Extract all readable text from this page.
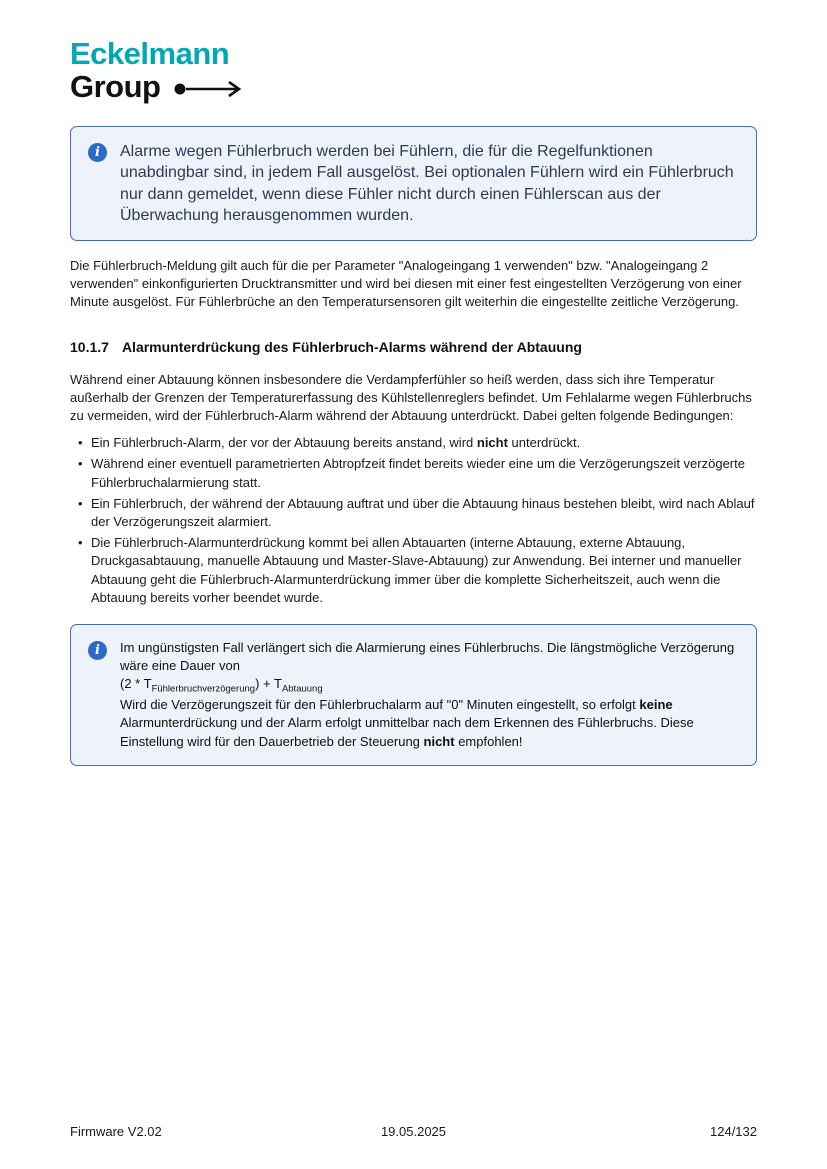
Eckelmann
Group
i	Alarme wegen Fühlerbruch werden bei Fühlern, die für die Regelfunktionen unabdingbar sind, in jedem Fall ausgelöst. Bei optionalen Fühlern wird ein Fühlerbruch nur dann gemeldet, wenn diese Fühler nicht durch einen Fühlerscan aus der Überwachung herausgenommen wurden.

Die Fühlerbruch-Meldung gilt auch für die per Parameter "Analogeingang 1 verwenden" bzw. "Analogeingang 2 verwenden" einkonfigurierten Drucktransmitter und wird bei diesen mit einer fest eingestellten Verzögerung von einer Minute ausgelöst. Für Fühlerbrüche an den Temperatursensoren gilt weiterhin die eingestellte zeitliche Verzögerung.

10.1.7 Alarmunterdrückung des Fühlerbruch-Alarms während der Abtauung

Während einer Abtauung können insbesondere die Verdampferfühler so heiß werden, dass sich ihre Temperatur außerhalb der Grenzen der Temperaturerfassung des Kühlstellenreglers befindet. Um Fehlalarme wegen Fühlerbruchs zu vermeiden, wird der Fühlerbruch-Alarm während der Abtauung unterdrückt. Dabei gelten folgende Bedingungen:

• Ein Fühlerbruch-Alarm, der vor der Abtauung bereits anstand, wird nicht unterdrückt.
• Während einer eventuell parametrierten Abtropfzeit findet bereits wieder eine um die Verzögerungszeit verzögerte Fühlerbruchalarmierung statt.
• Ein Fühlerbruch, der während der Abtauung auftrat und über die Abtauung hinaus bestehen bleibt, wird nach Ablauf der Verzögerungszeit alarmiert.
• Die Fühlerbruch-Alarmunterdrückung kommt bei allen Abtauarten (interne Abtauung, externe Abtauung, Druckgasabtauung, manuelle Abtauung und Master-Slave-Abtauung) zur Anwendung. Bei interner und manueller Abtauung geht die Fühlerbruch-Alarmunterdrückung immer über die komplette Sicherheitszeit, auch wenn die Abtauung bereits vorher beendet wurde.
i	Im ungünstigsten Fall verlängert sich die Alarmierung eines Fühlerbruchs. Die längstmögliche Verzögerung wäre eine Dauer von

$(2 * T_{Fühlerbruchverzögerung}) + T_{Abtauung}$

Wird die Verzögerungszeit für den Fühlerbruchalarm auf "0" Minuten eingestellt, so erfolgt keine Alarmunterdrückung und der Alarm erfolgt unmittelbar nach dem Erkennen des Fühlerbruchs. Diese Einstellung wird für den Dauerbetrieb der Steuerung nicht empfohlen!

Firmware V2.02	19.05.2025	124/132
